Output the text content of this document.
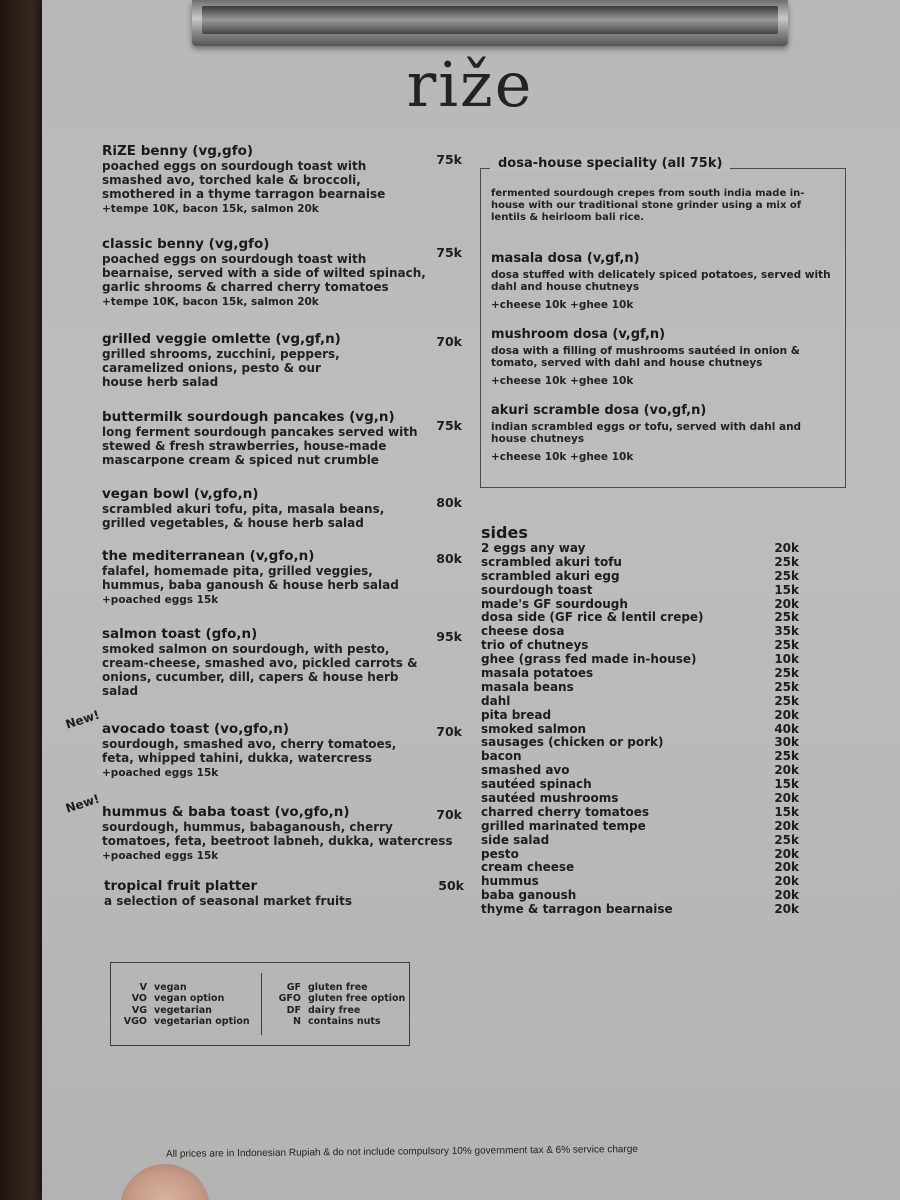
riže
RiZE benny (vg,gfo)
75k
poached eggs on sourdough toast with
smashed avo, torched kale & broccoli,
smothered in a thyme tarragon bearnaise
+tempe 10K, bacon 15k, salmon 20k
classic benny (vg,gfo)
75k
poached eggs on sourdough toast with
bearnaise, served with a side of wilted spinach,
garlic shrooms & charred cherry tomatoes
+tempe 10K, bacon 15k, salmon 20k
grilled veggie omlette (vg,gf,n)	70k
grilled shrooms, zucchini, peppers,
caramelized onions, pesto & our
house herb salad
buttermilk sourdough pancakes (vg,n)
75k
long ferment sourdough pancakes served with
stewed & fresh strawberries, house-made
mascarpone cream & spiced nut crumble
vegan bowl (v,gfo,n)
80k
scrambled akuri tofu, pita, masala beans,
grilled vegetables, & house herb salad
the mediterranean (v,gfo,n)	80k
falafel, homemade pita, grilled veggies,
hummus, baba ganoush & house herb salad
+poached eggs 15k
salmon toast (gfo,n)	95k
smoked salmon on sourdough, with pesto,
cream-cheese, smashed avo, pickled carrots &
onions, cucumber, dill, capers & house herb
salad
avocado toast (vo,gfo,n)	70k
sourdough, smashed avo, cherry tomatoes,
feta, whipped tahini, dukka, watercress
+poached eggs 15k
hummus & baba toast (vo,gfo,n)	70k
sourdough, hummus, babaganoush, cherry
tomatoes, feta, beetroot labneh, dukka, watercress
+poached eggs 15k
tropical fruit platter	50k
a selection of seasonal market fruits
New!
New!
dosa-house speciality (all 75k)
fermented sourdough crepes from south india made in-house with our traditional stone grinder using a mix of lentils & heirloom bali rice.
masala dosa (v,gf,n)
dosa stuffed with delicately spiced potatoes, served with dahl and house chutneys
+cheese 10k +ghee 10k
mushroom dosa (v,gf,n)
dosa with a filling of mushrooms sautéed in onion & tomato, served with dahl and house chutneys
+cheese 10k +ghee 10k
akuri scramble dosa (vo,gf,n)
indian scrambled eggs or tofu, served with dahl and house chutneys
+cheese 10k +ghee 10k
sides
2 eggs any way	20k
scrambled akuri tofu	25k
scrambled akuri egg	25k
sourdough toast	15k
made's GF sourdough	20k
dosa side (GF rice & lentil crepe)	25k
cheese dosa	35k
trio of chutneys	25k
ghee (grass fed made in-house)	10k
masala potatoes	25k
masala beans	25k
dahl	25k
pita bread	20k
smoked salmon	40k
sausages (chicken or pork)	30k
bacon	25k
smashed avo	20k
sautéed spinach	15k
sautéed mushrooms	20k
charred cherry tomatoes	15k
grilled marinated tempe	20k
side salad	25k
pesto	20k
cream cheese	20k
hummus	20k
baba ganoush	20k
thyme & tarragon bearnaise	20k
V vegan
VO vegan option
VG vegetarian
VGO vegetarian option
GF gluten free
GFO gluten free option
DF dairy free
N contains nuts
All prices are in Indonesian Rupiah & do not include compulsory 10% government tax & 6% service charge
